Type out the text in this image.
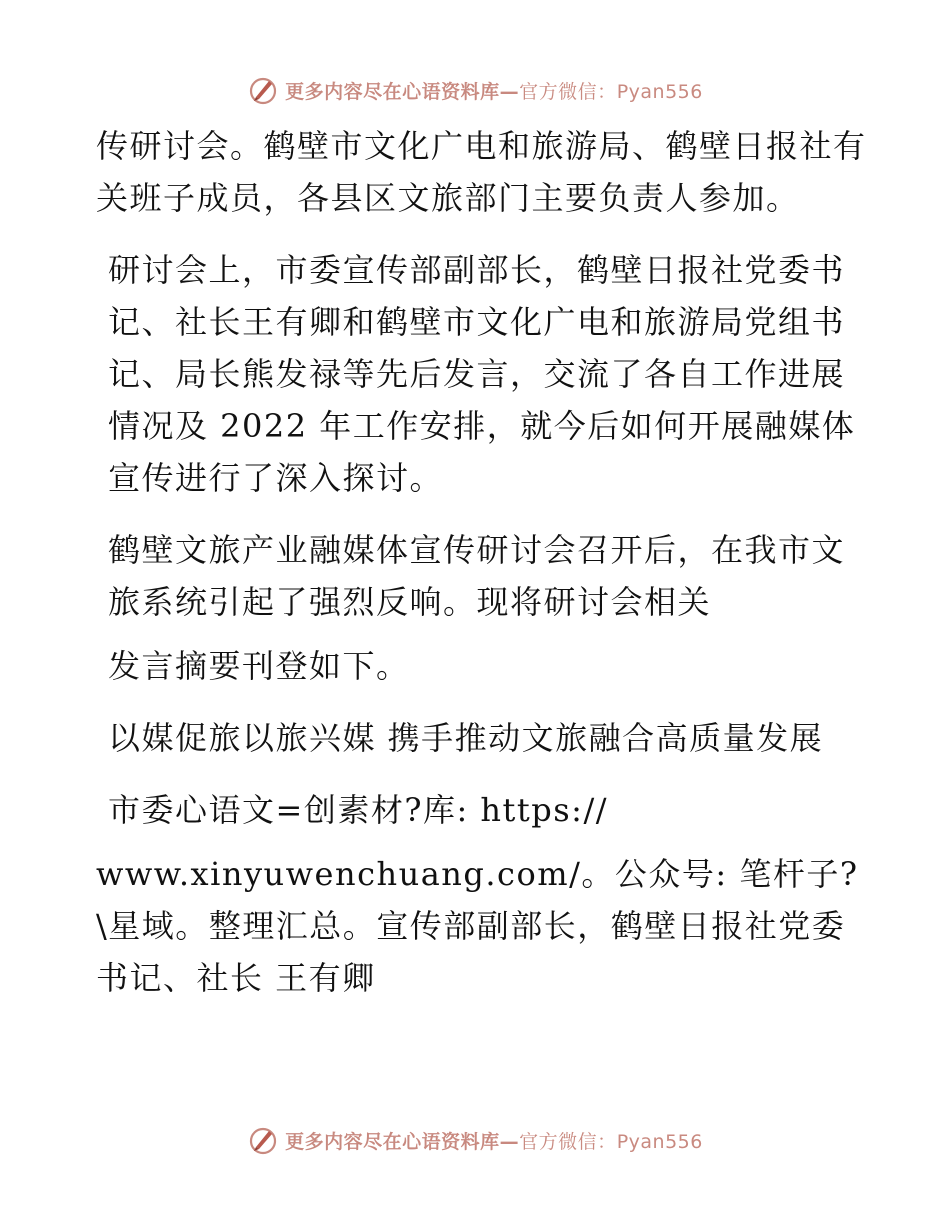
更多内容尽在心语资料库—官方微信：Pyan556

传研讨会。鹤壁市文化广电和旅游局、鹤壁日报社有关班子成员，各县区文旅部门主要负责人参加。

研讨会上，市委宣传部副部长，鹤壁日报社党委书记、社长王有卿和鹤壁市文化广电和旅游局党组书记、局长熊发禄等先后发言，交流了各自工作进展情况及 2022 年工作安排，就今后如何开展融媒体宣传进行了深入探讨。

鹤壁文旅产业融媒体宣传研讨会召开后，在我市文旅系统引起了强烈反响。现将研讨会相关

发言摘要刊登如下。

以媒促旅以旅兴媒 携手推动文旅融合高质量发展

市委心语文=创素材?库: https://

www.xinyuwenchuang.com/。公众号: 笔杆子?\星域。整理汇总。宣传部副部长，鹤壁日报社党委书记、社长 王有卿

更多内容尽在心语资料库—官方微信：Pyan556
